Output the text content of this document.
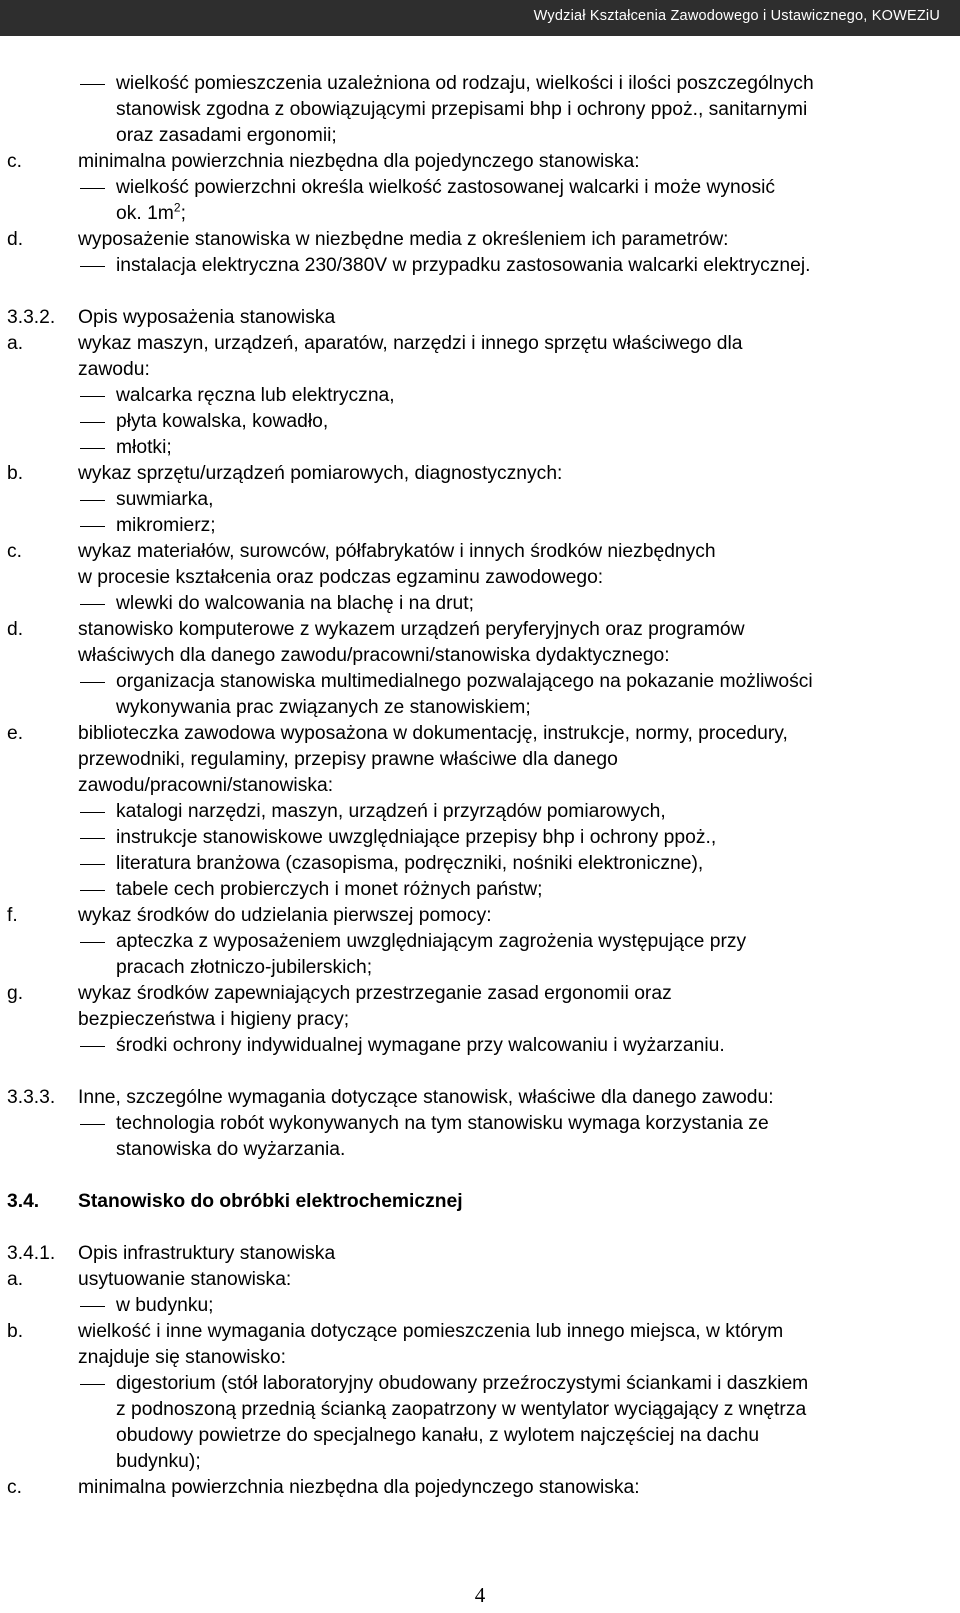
Wydział Kształcenia Zawodowego i Ustawicznego, KOWEZiU
wielkość pomieszczenia uzależniona od rodzaju, wielkości i ilości poszczególnych
stanowisk zgodna z obowiązującymi przepisami bhp i ochrony ppoż., sanitarnymi
oraz zasadami ergonomii;
c.	minimalna powierzchnia niezbędna dla pojedynczego stanowiska:
wielkość powierzchni określa wielkość zastosowanej walcarki i może wynosić
ok. $1m^2$;
d.	wyposażenie stanowiska w niezbędne media z określeniem ich parametrów:
instalacja elektryczna 230/380V w przypadku zastosowania walcarki elektrycznej.
3.3.2. Opis wyposażenia stanowiska
a.	wykaz maszyn, urządzeń, aparatów, narzędzi i innego sprzętu właściwego dla
zawodu:
walcarka ręczna lub elektryczna,
płyta kowalska, kowadło,
młotki;
b.	wykaz sprzętu/urządzeń pomiarowych, diagnostycznych:
suwmiarka,
mikromierz;
c.	wykaz materiałów, surowców, półfabrykatów i innych środków niezbędnych
w procesie kształcenia oraz podczas egzaminu zawodowego:
wlewki do walcowania na blachę i na drut;
d.	stanowisko komputerowe z wykazem urządzeń peryferyjnych oraz programów
właściwych dla danego zawodu/pracowni/stanowiska dydaktycznego:
organizacja stanowiska multimedialnego pozwalającego na pokazanie możliwości
wykonywania prac związanych ze stanowiskiem;
e.	biblioteczka zawodowa wyposażona w dokumentację, instrukcje, normy, procedury,
przewodniki, regulaminy, przepisy prawne właściwe dla danego
zawodu/pracowni/stanowiska:
katalogi narzędzi, maszyn, urządzeń i przyrządów pomiarowych,
instrukcje stanowiskowe uwzględniające przepisy bhp i ochrony ppoż.,
literatura branżowa (czasopisma, podręczniki, nośniki elektroniczne),
tabele cech probierczych i monet różnych państw;
f.	wykaz środków do udzielania pierwszej pomocy:
apteczka z wyposażeniem uwzględniającym zagrożenia występujące przy
pracach złotniczo-jubilerskich;
g.	wykaz środków zapewniających przestrzeganie zasad ergonomii oraz
bezpieczeństwa i higieny pracy;
środki ochrony indywidualnej wymagane przy walcowaniu i wyżarzaniu.
3.3.3. Inne, szczególne wymagania dotyczące stanowisk, właściwe dla danego zawodu:
technologia robót wykonywanych na tym stanowisku wymaga korzystania ze
stanowiska do wyżarzania.
3.4. Stanowisko do obróbki elektrochemicznej
3.4.1. Opis infrastruktury stanowiska
a.	usytuowanie stanowiska:
w budynku;
b.	wielkość i inne wymagania dotyczące pomieszczenia lub innego miejsca, w którym
znajduje się stanowisko:
digestorium (stół laboratoryjny obudowany przeźroczystymi ściankami i daszkiem
z podnoszoną przednią ścianką zaopatrzony w wentylator wyciągający z wnętrza
obudowy powietrze do specjalnego kanału, z wylotem najczęściej na dachu
budynku);
c.	minimalna powierzchnia niezbędna dla pojedynczego stanowiska:
4
